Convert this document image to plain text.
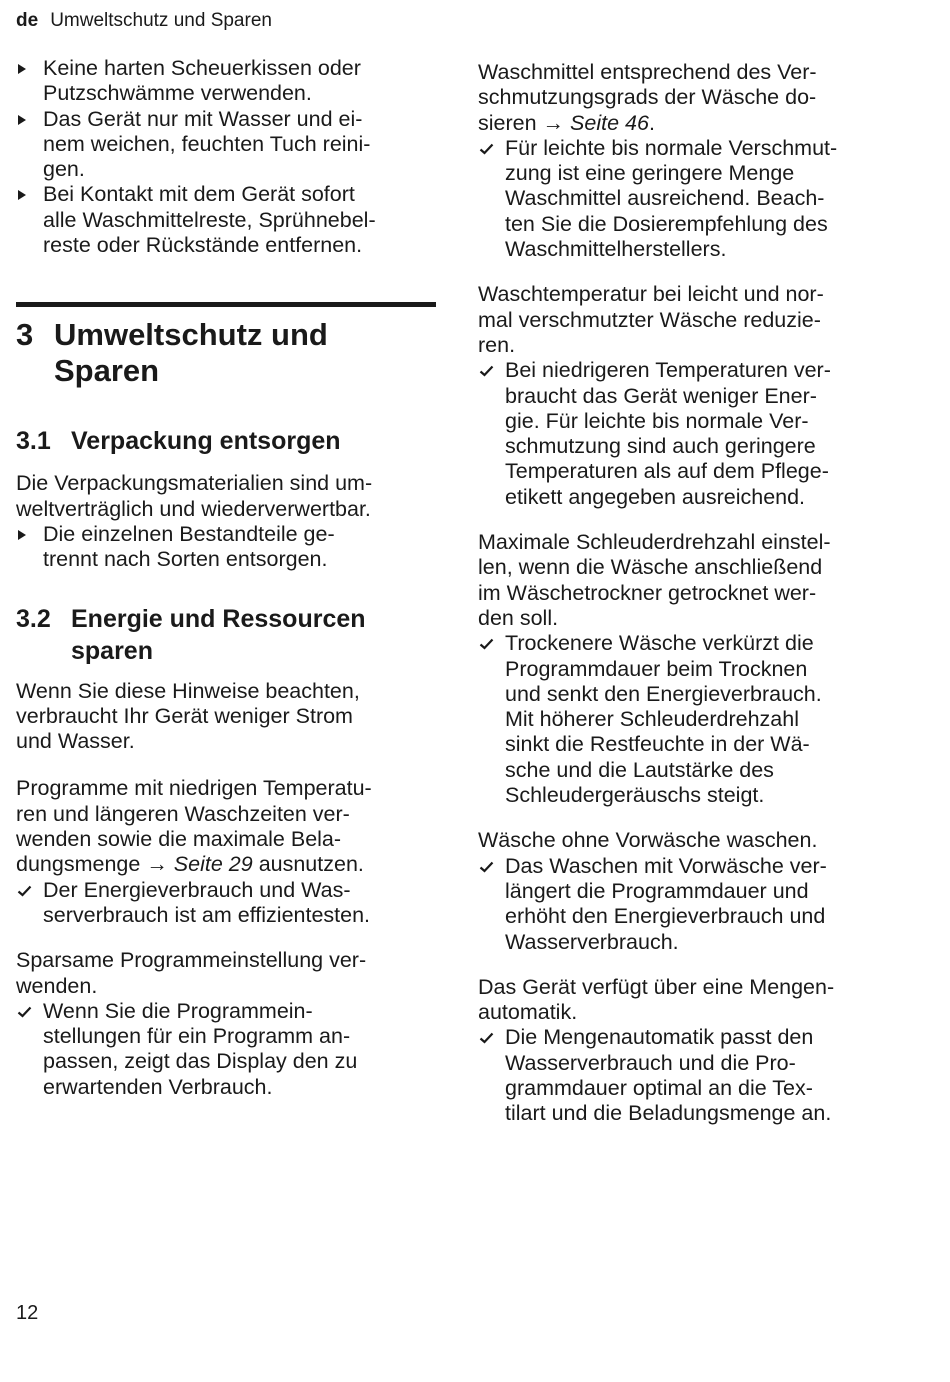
de Umweltschutz und Sparen
Keine harten Scheuerkissen oder
Putzschwämme verwenden.
Das Gerät nur mit Wasser und ei-
nem weichen, feuchten Tuch reini-
gen.
Bei Kontakt mit dem Gerät sofort
alle Waschmittelreste, Sprühnebel-
reste oder Rückstände entfernen.
3 Umweltschutz und
Sparen
3.1 Verpackung entsorgen
Die Verpackungsmaterialien sind um-
weltverträglich und wiederverwertbar.
Die einzelnen Bestandteile ge-
trennt nach Sorten entsorgen.
3.2 Energie und Ressourcen
sparen
Wenn Sie diese Hinweise beachten,
verbraucht Ihr Gerät weniger Strom
und Wasser.
Programme mit niedrigen Temperatu-
ren und längeren Waschzeiten ver-
wenden sowie die maximale Bela-
dungsmenge → Seite 29 ausnutzen.
Der Energieverbrauch und Was-
serverbrauch ist am effizientesten.
Sparsame Programmeinstellung ver-
wenden.
Wenn Sie die Programmein-
stellungen für ein Programm an-
passen, zeigt das Display den zu
erwartenden Verbrauch.
Waschmittel entsprechend des Ver-
schmutzungsgrads der Wäsche do-
sieren → Seite 46.
Für leichte bis normale Verschmut-
zung ist eine geringere Menge
Waschmittel ausreichend. Beach-
ten Sie die Dosierempfehlung des
Waschmittelherstellers.
Waschtemperatur bei leicht und nor-
mal verschmutzter Wäsche reduzie-
ren.
Bei niedrigeren Temperaturen ver-
braucht das Gerät weniger Ener-
gie. Für leichte bis normale Ver-
schmutzung sind auch geringere
Temperaturen als auf dem Pflege-
etikett angegeben ausreichend.
Maximale Schleuderdrehzahl einstel-
len, wenn die Wäsche anschließend
im Wäschetrockner getrocknet wer-
den soll.
Trockenere Wäsche verkürzt die
Programmdauer beim Trocknen
und senkt den Energieverbrauch.
Mit höherer Schleuderdrehzahl
sinkt die Restfeuchte in der Wä-
sche und die Lautstärke des
Schleudergeräuschs steigt.
Wäsche ohne Vorwäsche waschen.
Das Waschen mit Vorwäsche ver-
längert die Programmdauer und
erhöht den Energieverbrauch und
Wasserverbrauch.
Das Gerät verfügt über eine Mengen-
automatik.
Die Mengenautomatik passt den
Wasserverbrauch und die Pro-
grammdauer optimal an die Tex-
tilart und die Beladungsmenge an.
12
